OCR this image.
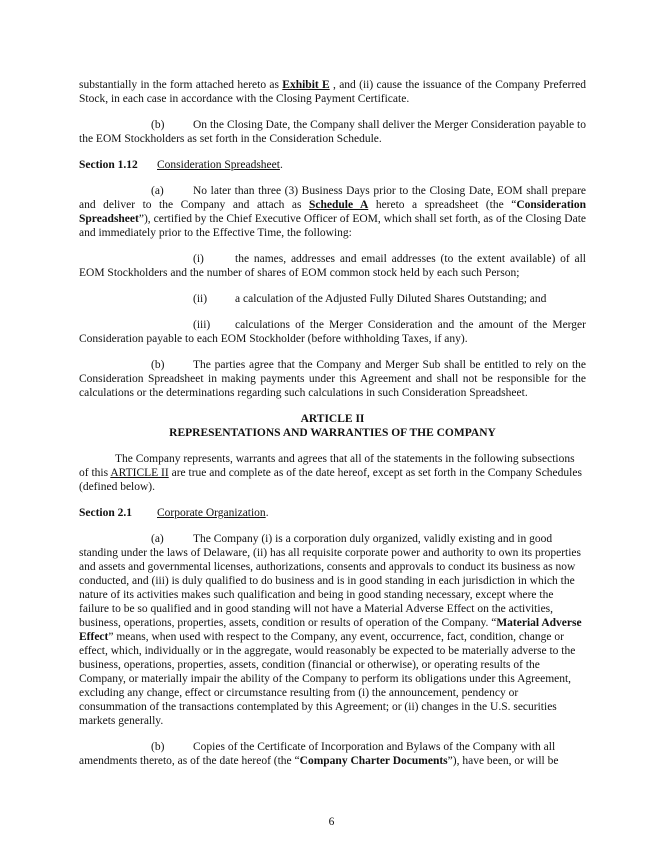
substantially in the form attached hereto as Exhibit E , and (ii) cause the issuance of the Company Preferred Stock, in each case in accordance with the Closing Payment Certificate.

(b) On the Closing Date, the Company shall deliver the Merger Consideration payable to the EOM Stockholders as set forth in the Consideration Schedule.

Section 1.12 Consideration Spreadsheet.

(a)	No later than three (3) Business Days prior to the Closing Date, EOM shall prepare and deliver to the Company and attach as Schedule A hereto a spreadsheet (the “Consideration Spreadsheet”), certified by the Chief Executive Officer of EOM, which shall set forth, as of the Closing Date and immediately prior to the Effective Time, the following:

(i)	the names, addresses and email addresses (to the extent available) of all EOM Stockholders and the number of shares of EOM common stock held by each such Person;

(ii) a calculation of the Adjusted Fully Diluted Shares Outstanding; and

(iii) calculations of the Merger Consideration and the amount of the Merger Consideration payable to each EOM Stockholder (before withholding Taxes, if any).

(b) The parties agree that the Company and Merger Sub shall be entitled to rely on the Consideration Spreadsheet in making payments under this Agreement and shall not be responsible for the calculations or the determinations regarding such calculations in such Consideration Spreadsheet.

ARTICLE II

REPRESENTATIONS AND WARRANTIES OF THE COMPANY

The Company represents, warrants and agrees that all of the statements in the following subsections of this ARTICLE II are true and complete as of the date hereof, except as set forth in the Company Schedules (defined below).

Section 2.1 Corporate Organization.

(a)	The Company (i) is a corporation duly organized, validly existing and in good standing under the laws of Delaware, (ii) has all requisite corporate power and authority to own its properties and assets and governmental licenses, authorizations, consents and approvals to conduct its business as now conducted, and (iii) is duly qualified to do business and is in good standing in each jurisdiction in which the nature of its activities makes such qualification and being in good standing necessary, except where the failure to be so qualified and in good standing will not have a Material Adverse Effect on the activities, business, operations, properties, assets, condition or results of operation of the Company. “Material Adverse Effect” means, when used with respect to the Company, any event, occurrence, fact, condition, change or effect, which, individually or in the aggregate, would reasonably be expected to be materially adverse to the business, operations, properties, assets, condition (financial or otherwise), or operating results of the Company, or materially impair the ability of the Company to perform its obligations under this Agreement, excluding any change, effect or circumstance resulting from (i) the announcement, pendency or consummation of the transactions contemplated by this Agreement; or (ii) changes in the U.S. securities markets generally.

(b) Copies of the Certificate of Incorporation and Bylaws of the Company with all amendments thereto, as of the date hereof (the “Company Charter Documents”), have been, or will be

6
